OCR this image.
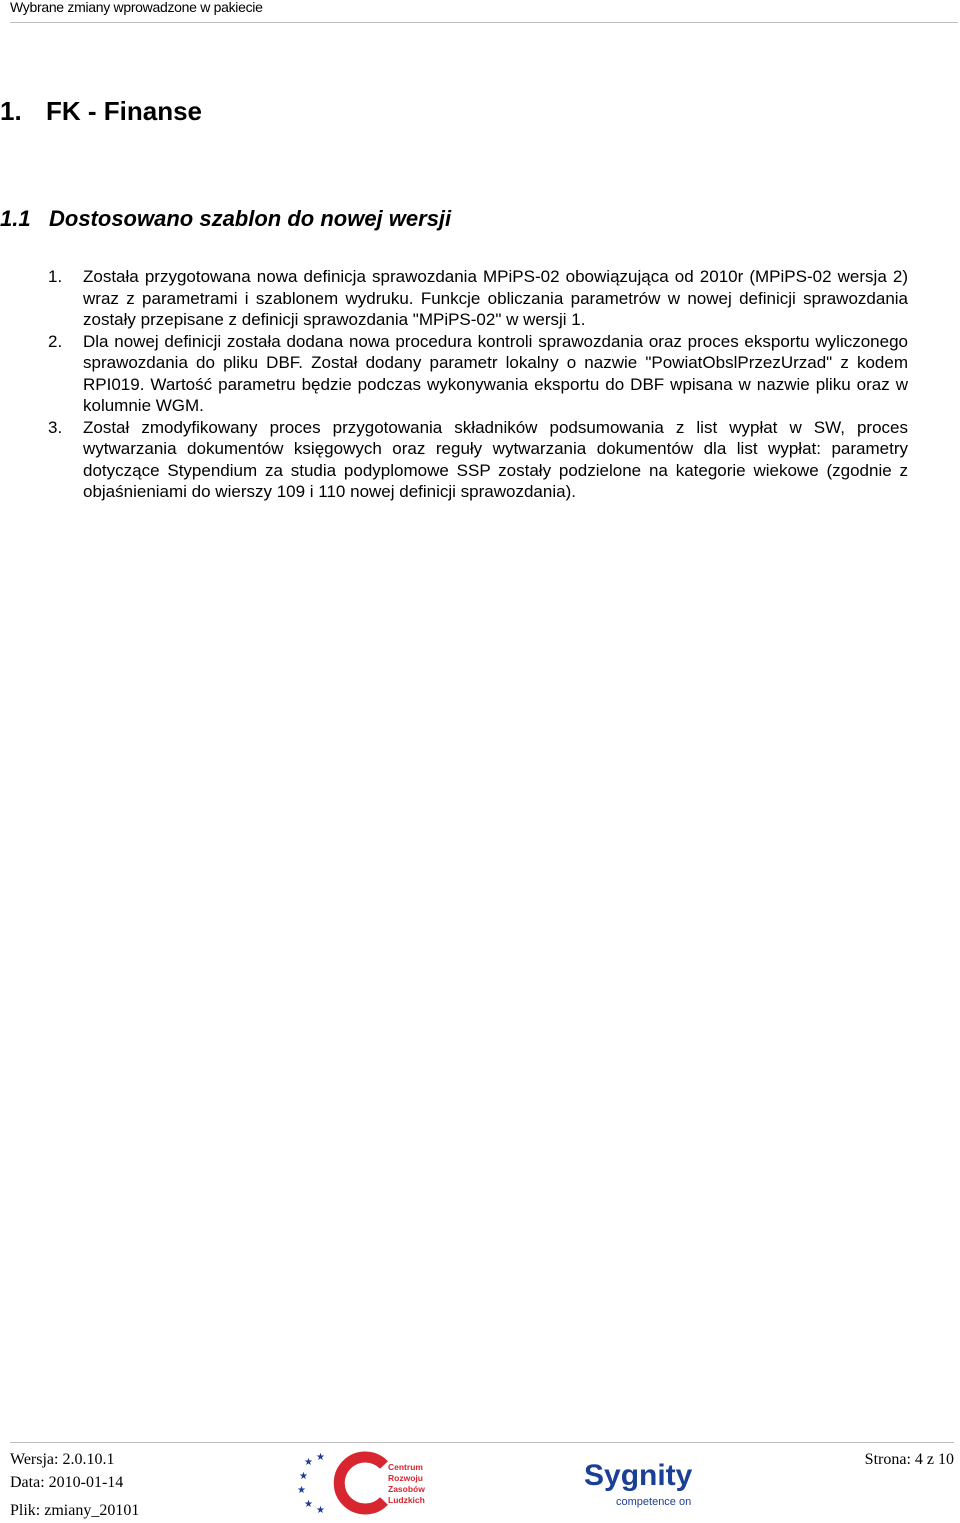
Wybrane zmiany wprowadzone w pakiecie
1. FK - Finanse
1.1 Dostosowano szablon do nowej wersji
1. Została przygotowana nowa definicja sprawozdania MPiPS-02 obowiązująca od 2010r (MPiPS-02 wersja 2) wraz z parametrami i szablonem wydruku. Funkcje obliczania parametrów w nowej definicji sprawozdania zostały przepisane z definicji sprawozdania "MPiPS-02" w wersji 1.
2. Dla nowej definicji została dodana nowa procedura kontroli sprawozdania oraz proces eksportu wyliczonego sprawozdania do pliku DBF. Został dodany parametr lokalny o nazwie "PowiatObslPrzezUrzad" z kodem RPI019. Wartość parametru będzie podczas wykonywania eksportu do DBF wpisana w nazwie pliku oraz w kolumnie WGM.
3. Został zmodyfikowany proces przygotowania składników podsumowania z list wypłat w SW, proces wytwarzania dokumentów księgowych oraz reguły wytwarzania dokumentów dla list wypłat: parametry dotyczące Stypendium za studia podyplomowe SSP zostały podzielone na kategorie wiekowe (zgodnie z objaśnieniami do wierszy 109 i 110 nowej definicji sprawozdania).
Wersja: 2.0.10.1
Data: 2010-01-14
Plik: zmiany_20101
Strona: 4 z 10
★ ★
★
★
★
★
Centrum
Rozwoju
Zasobów
Ludzkich
Sygnity
competence on
